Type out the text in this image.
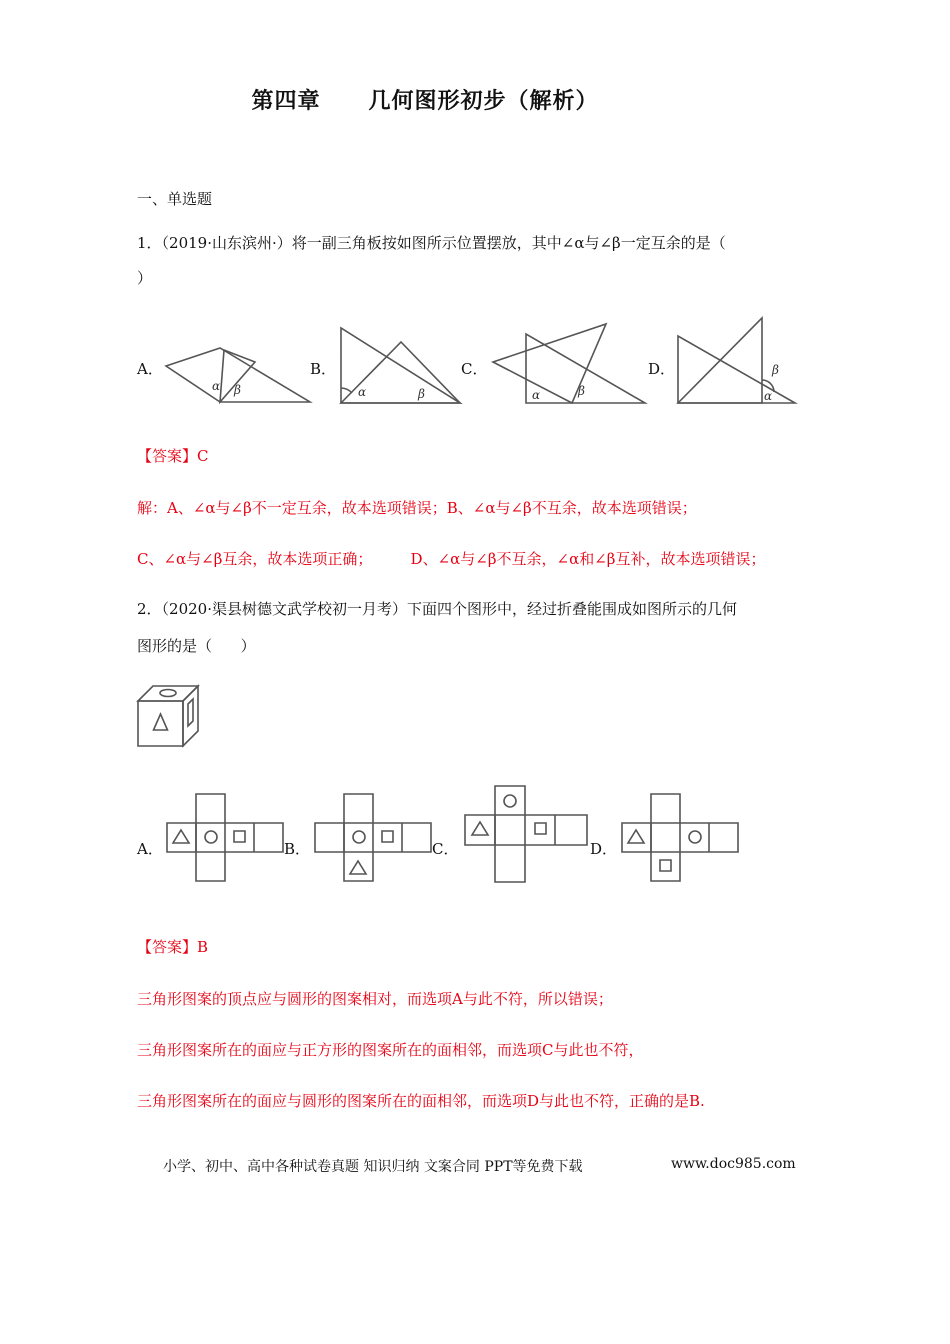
第四章 几何图形初步（解析）
一、单选题
1．（2019·山东滨州·）将一副三角板按如图所示位置摆放，其中∠α与∠β一定互余的是（
）
A．	B．	C．	D．
α β	α	β	α	β
β
α
【答案】C
解：A、∠α与∠β不一定互余，故本选项错误；B、∠α与∠β不互余，故本选项错误；
C、∠α与∠β互余，故本选项正确；        D、∠α与∠β不互余，∠α和∠β互补，故本选项错误；
2．（2020·渠县树德文武学校初一月考）下面四个图形中，经过折叠能围成如图所示的几何
图形的是（      ）
A．	B．	C．	D．
【答案】B
三角形图案的顶点应与圆形的图案相对，而选项A与此不符，所以错误；
三角形图案所在的面应与正方形的图案所在的面相邻，而选项C与此也不符，
三角形图案所在的面应与圆形的图案所在的面相邻，而选项D与此也不符，正确的是B.
小学、初中、高中各种试卷真题 知识归纳 文案合同 PPT等免费下载	www.doc985.com
